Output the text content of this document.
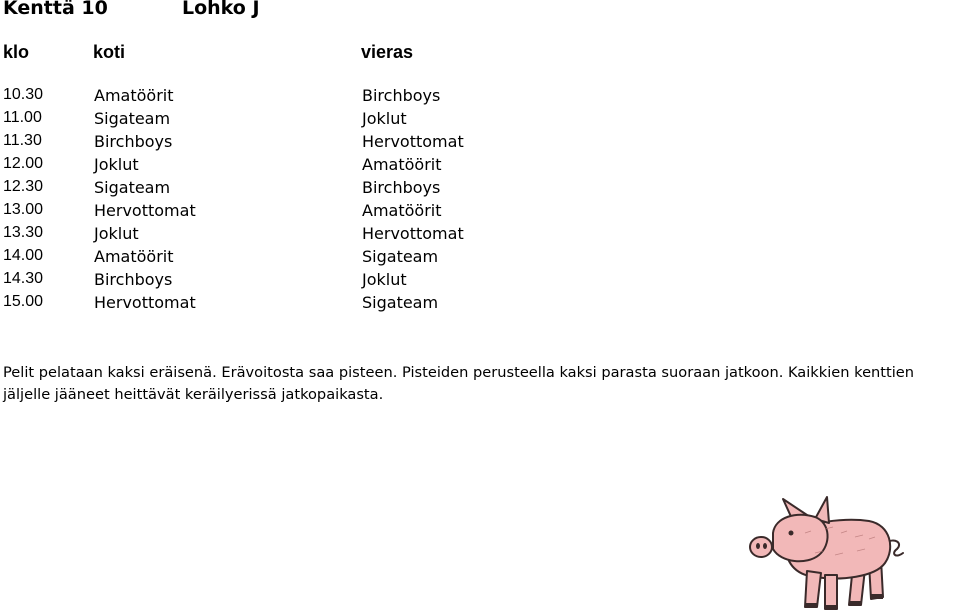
Kenttä 10	Lohko J
klo	koti	vieras
10.30	Amatöörit	Birchboys
11.00	Sigateam	Joklut
11.30	Birchboys	Hervottomat
12.00	Joklut	Amatöörit
12.30	Sigateam	Birchboys
13.00	Hervottomat	Amatöörit
13.30	Joklut	Hervottomat
14.00	Amatöörit	Sigateam
14.30	Birchboys	Joklut
15.00	Hervottomat	Sigateam
Pelit pelataan kaksi eräisenä. Erävoitosta saa pisteen. Pisteiden perusteella kaksi parasta suoraan jatkoon. Kaikkien kenttien
jäljelle jääneet heittävät keräilyerissä jatkopaikasta.
